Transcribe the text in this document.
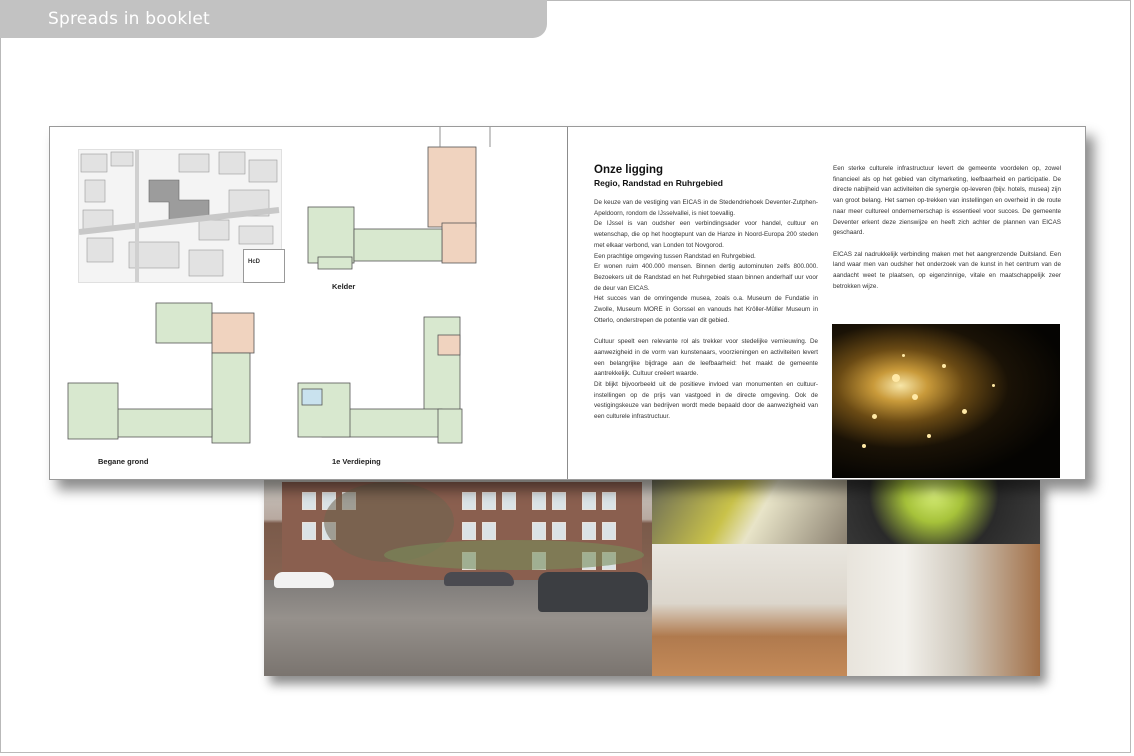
Spreads in booklet
HcD
Kelder
Begane grond	1e Verdieping
Onze ligging
Regio, Randstad en Ruhrgebied

De keuze van de vestiging van EICAS in de Stedendriehoek Deventer-Zutphen-Apeldoorn, rondom de IJsselvallei, is niet toevallig.

De IJssel is van oudsher een verbindingsader voor handel, cultuur en wetenschap, die op het hoogtepunt van de Hanze in Noord-Europa 200 steden met elkaar verbond, van Londen tot Novgorod.

Een prachtige omgeving tussen Randstad en Ruhrgebied.

Er wonen ruim 400.000 mensen. Binnen dertig autominuten zelfs 800.000. Bezoekers uit de Randstad en het Ruhrgebied staan binnen anderhalf uur voor de deur van EICAS.

Het succes van de omringende musea, zoals o.a. Museum de Fundatie in Zwolle, Museum MORE in Gorssel en vanouds het Kröller-Müller Museum in Otterlo, onderstrepen de potentie van dit gebied.

Cultuur speelt een relevante rol als trekker voor stedelijke vernieuwing. De aanwezigheid in de vorm van kunstenaars, voorzieningen en activiteiten levert een belangrijke bijdrage aan de leefbaarheid: het maakt de gemeente aantrekkelijk. Cultuur creëert waarde.

Dit blijkt bijvoorbeeld uit de positieve invloed van monumenten en cultuur-instellingen op de prijs van vastgoed in de directe omgeving. Ook de vestigingskeuze van bedrijven wordt mede bepaald door de aanwezigheid van een culturele infrastructuur.

Een sterke culturele infrastructuur levert de gemeente voordelen op, zowel financieel als op het gebied van citymarketing, leefbaarheid en participatie. De directe nabijheid van activiteiten die synergie op-leveren (bijv. hotels, musea) zijn van groot belang. Het samen op-trekken van instellingen en overheid in de route naar meer cultureel ondernemerschap is essentieel voor succes. De gemeente Deventer erkent deze zienswijze en heeft zich achter de plannen van EICAS geschaard.

EICAS zal nadrukkelijk verbinding maken met het aangrenzende Duitsland. Een land waar men van oudsher het onderzoek van de kunst in het centrum van de aandacht weet te plaatsen, op eigenzinnige, vitale en maatschappelijk zeer betrokken wijze.
